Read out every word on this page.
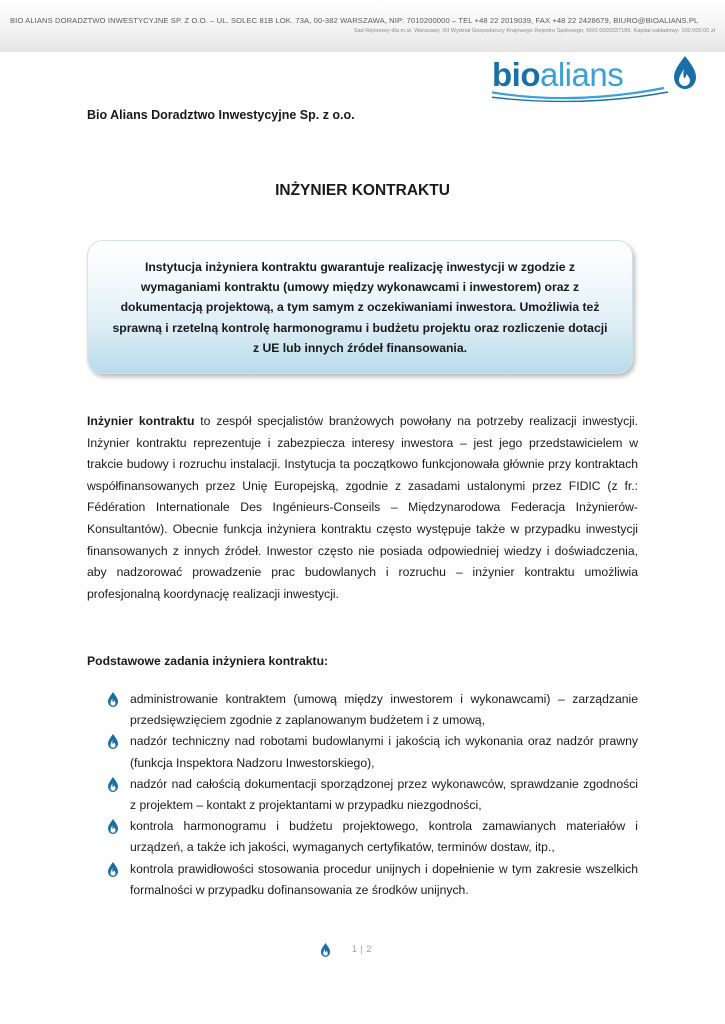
BIO ALIANS DORADZTWO INWESTYCYJNE SP. Z O.O. – UL. SOLEC 81B LOK. 73A, 00-382 WARSZAWA, NIP: 7010200000 – TEL +48 22 2019039, FAX +48 22 2428679, BIURO@BIOALIANS.PL
Sąd Rejonowy dla m.st. Warszawy, XII Wydział Gospodarczy Krajowego Rejestru Sądowego, KRS 0000337189, Kapitał zakładowy: 100.000,00 zł
bioalians
Bio Alians Doradztwo Inwestycyjne Sp. z o.o.
INŻYNIER KONTRAKTU
Instytucja inżyniera kontraktu gwarantuje realizację inwestycji w zgodzie z wymaganiami kontraktu (umowy między wykonawcami i inwestorem) oraz z dokumentacją projektową, a tym samym z oczekiwaniami inwestora. Umożliwia też sprawną i rzetelną kontrolę harmonogramu i budżetu projektu oraz rozliczenie dotacji z UE lub innych źródeł finansowania.
Inżynier kontraktu to zespół specjalistów branżowych powołany na potrzeby realizacji inwestycji. Inżynier kontraktu reprezentuje i zabezpiecza interesy inwestora – jest jego przedstawicielem w trakcie budowy i rozruchu instalacji. Instytucja ta początkowo funkcjonowała głównie przy kontraktach współfinansowanych przez Unię Europejską, zgodnie z zasadami ustalonymi przez FIDIC (z fr.: Fédération Internationale Des Ingénieurs-Conseils – Międzynarodowa Federacja Inżynierów-Konsultantów). Obecnie funkcja inżyniera kontraktu często występuje także w przypadku inwestycji finansowanych z innych źródeł. Inwestor często nie posiada odpowiedniej wiedzy i doświadczenia, aby nadzorować prowadzenie prac budowlanych i rozruchu – inżynier kontraktu umożliwia profesjonalną koordynację realizacji inwestycji.
Podstawowe zadania inżyniera kontraktu:
administrowanie kontraktem (umową między inwestorem i wykonawcami) – zarządzanie przedsięwzięciem zgodnie z zaplanowanym budżetem i z umową,
nadzór techniczny nad robotami budowlanymi i jakością ich wykonania oraz nadzór prawny (funkcja Inspektora Nadzoru Inwestorskiego),
nadzór nad całością dokumentacji sporządzonej przez wykonawców, sprawdzanie zgodności z projektem – kontakt z projektantami w przypadku niezgodności,
kontrola harmonogramu i budżetu projektowego, kontrola zamawianych materiałów i urządzeń, a także ich jakości, wymaganych certyfikatów, terminów dostaw, itp.,
kontrola prawidłowości stosowania procedur unijnych i dopełnienie w tym zakresie wszelkich formalności w przypadku dofinansowania ze środków unijnych.
1 | 2
